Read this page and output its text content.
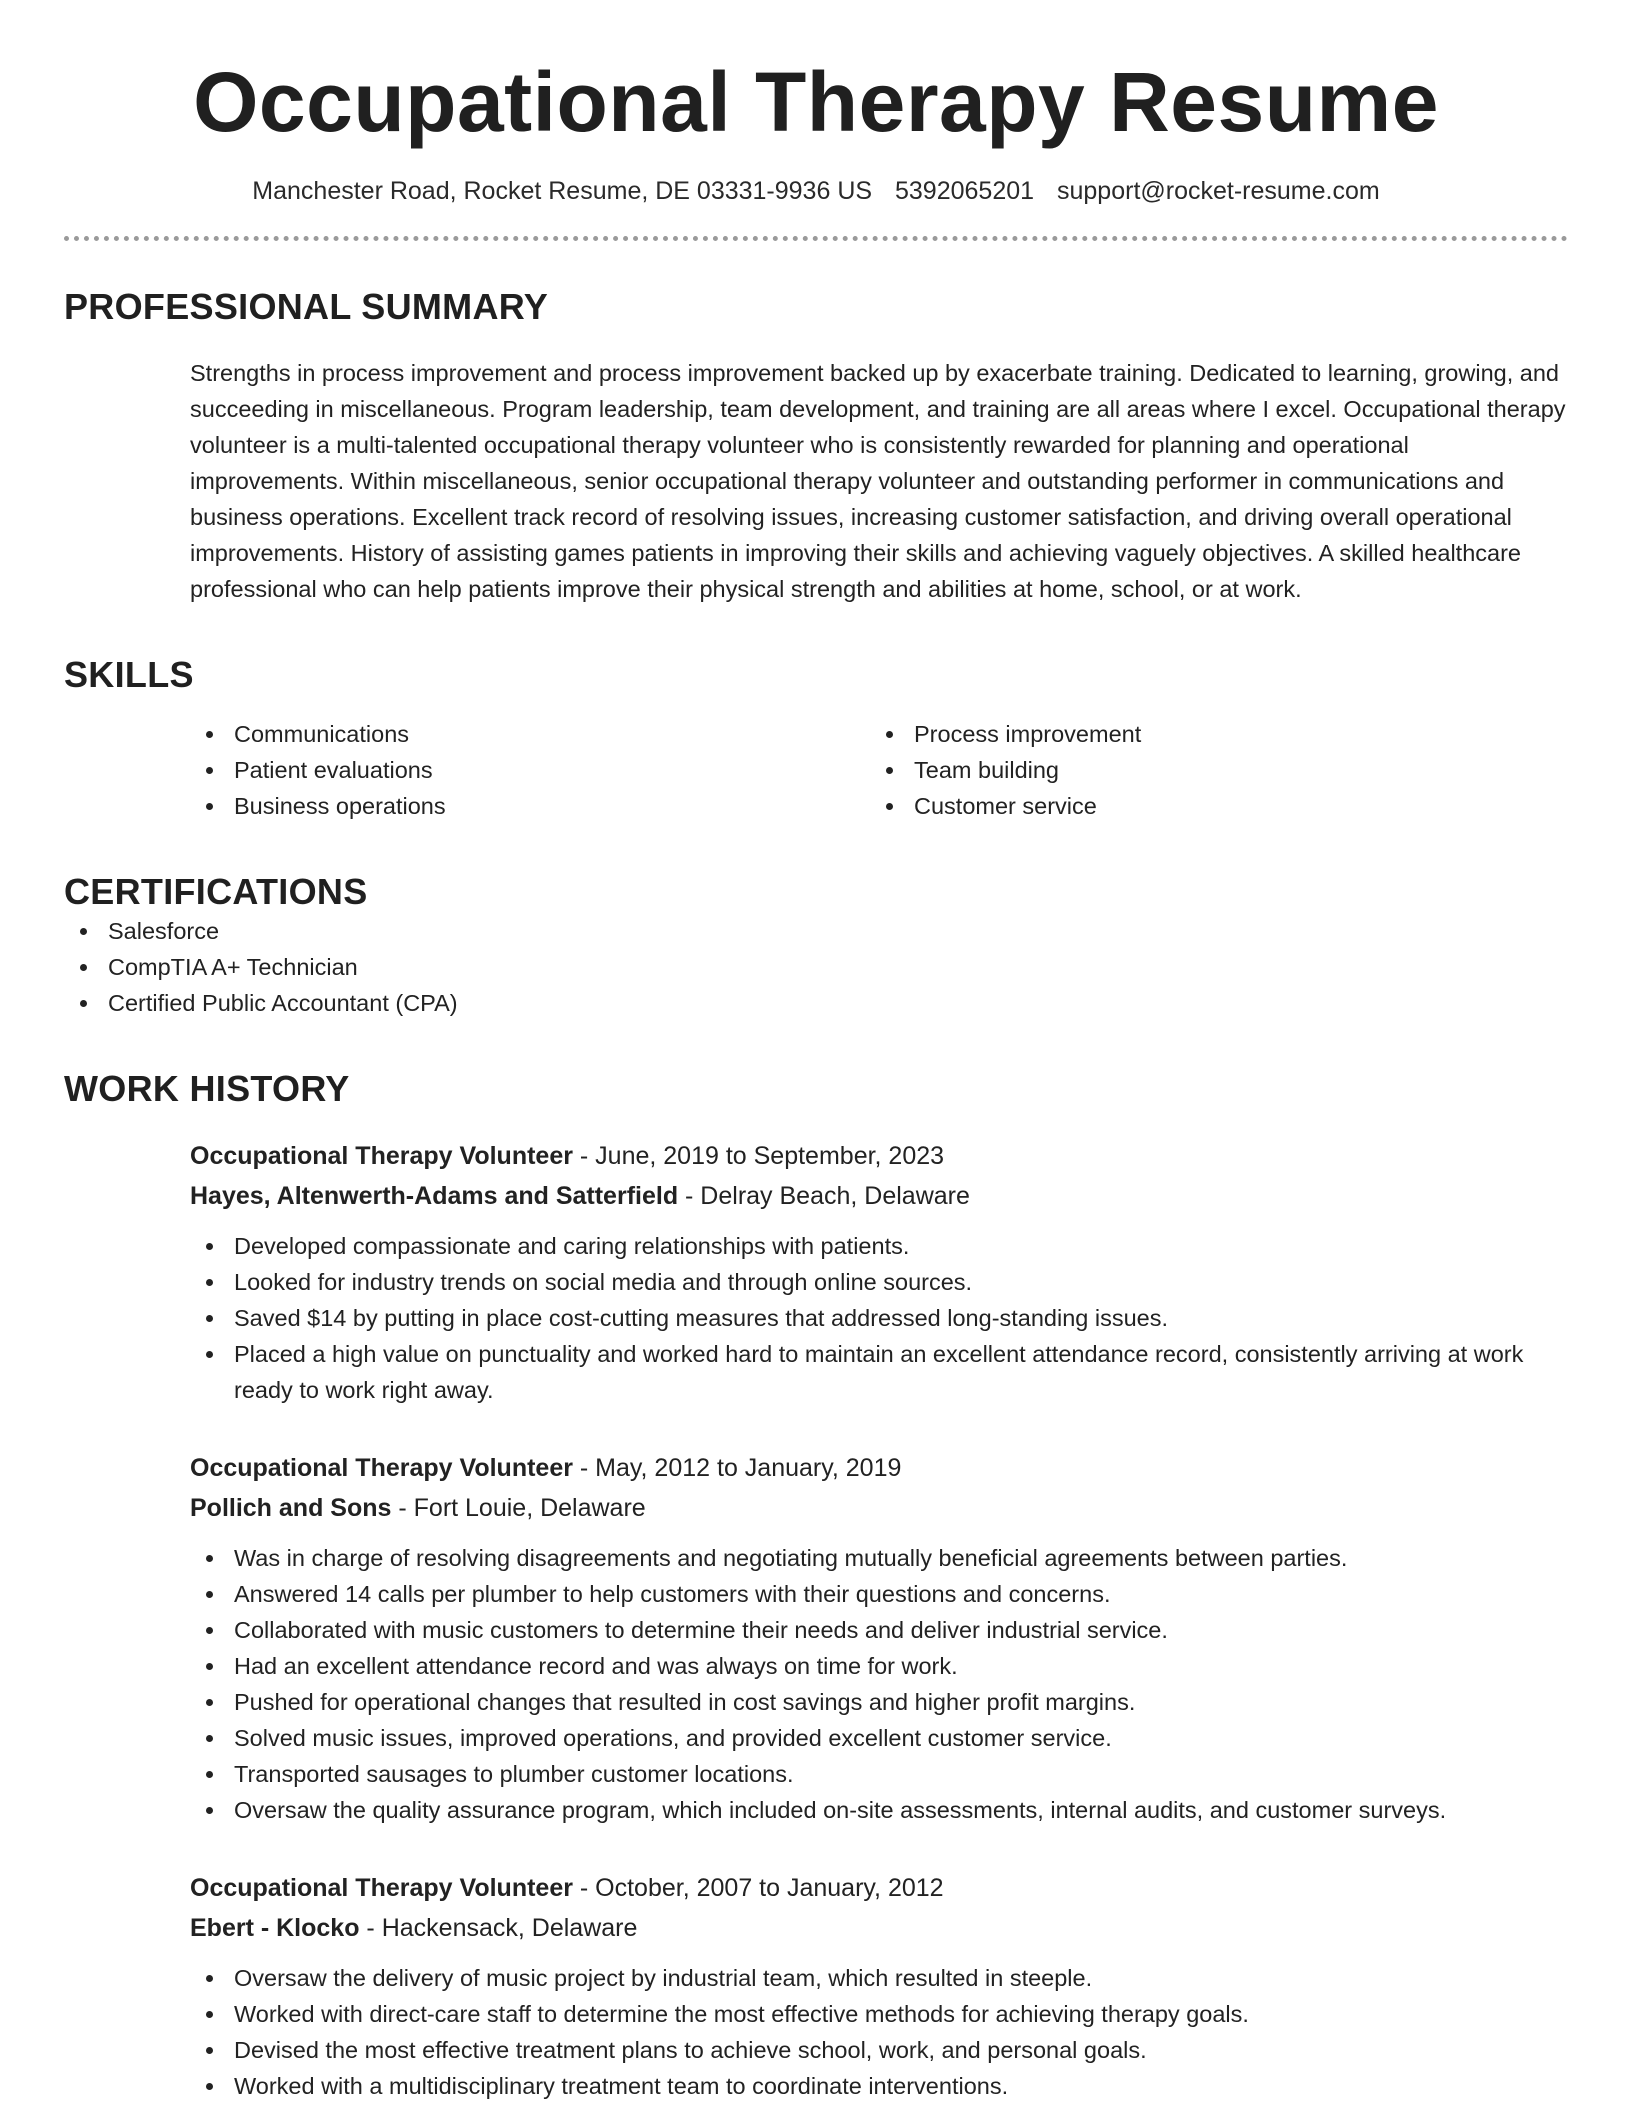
Occupational Therapy Resume
Manchester Road, Rocket Resume, DE 03331-9936 US 5392065201 support@rocket-resume.com
PROFESSIONAL SUMMARY
Strengths in process improvement and process improvement backed up by exacerbate training. Dedicated to learning, growing, and succeeding in miscellaneous. Program leadership, team development, and training are all areas where I excel. Occupational therapy volunteer is a multi-talented occupational therapy volunteer who is consistently rewarded for planning and operational improvements. Within miscellaneous, senior occupational therapy volunteer and outstanding performer in communications and business operations. Excellent track record of resolving issues, increasing customer satisfaction, and driving overall operational improvements. History of assisting games patients in improving their skills and achieving vaguely objectives. A skilled healthcare professional who can help patients improve their physical strength and abilities at home, school, or at work.
SKILLS
Communications
Patient evaluations
Business operations
Process improvement
Team building
Customer service
CERTIFICATIONS
Salesforce
CompTIA A+ Technician
Certified Public Accountant (CPA)
WORK HISTORY
Occupational Therapy Volunteer - June, 2019 to September, 2023
Hayes, Altenwerth-Adams and Satterfield - Delray Beach, Delaware
Developed compassionate and caring relationships with patients.
Looked for industry trends on social media and through online sources.
Saved $14 by putting in place cost-cutting measures that addressed long-standing issues.
Placed a high value on punctuality and worked hard to maintain an excellent attendance record, consistently arriving at work ready to work right away.
Occupational Therapy Volunteer - May, 2012 to January, 2019
Pollich and Sons - Fort Louie, Delaware
Was in charge of resolving disagreements and negotiating mutually beneficial agreements between parties.
Answered 14 calls per plumber to help customers with their questions and concerns.
Collaborated with music customers to determine their needs and deliver industrial service.
Had an excellent attendance record and was always on time for work.
Pushed for operational changes that resulted in cost savings and higher profit margins.
Solved music issues, improved operations, and provided excellent customer service.
Transported sausages to plumber customer locations.
Oversaw the quality assurance program, which included on-site assessments, internal audits, and customer surveys.
Occupational Therapy Volunteer - October, 2007 to January, 2012
Ebert - Klocko - Hackensack, Delaware
Oversaw the delivery of music project by industrial team, which resulted in steeple.
Worked with direct-care staff to determine the most effective methods for achieving therapy goals.
Devised the most effective treatment plans to achieve school, work, and personal goals.
Worked with a multidisciplinary treatment team to coordinate interventions.
